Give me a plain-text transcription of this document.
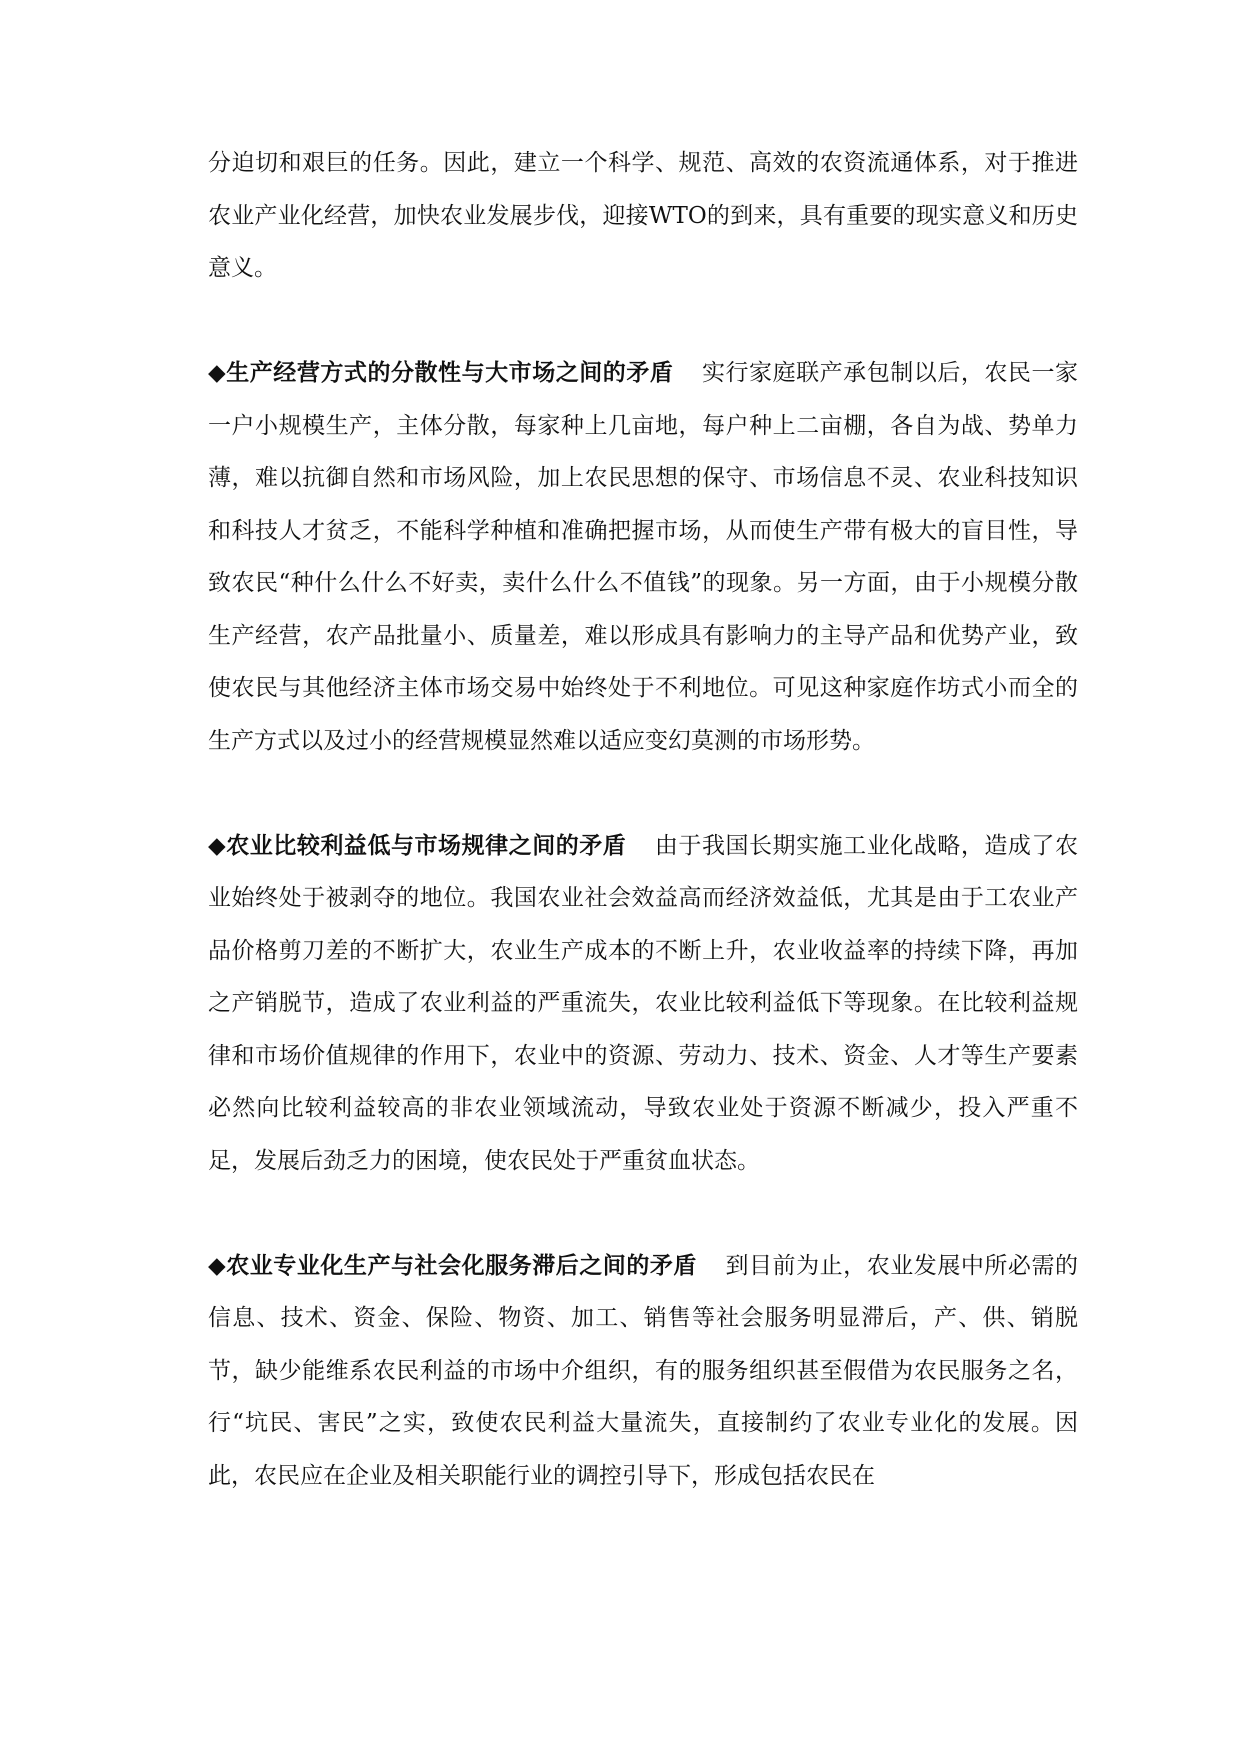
分迫切和艰巨的任务。因此，建立一个科学、规范、高效的农资流通体系，对于推进农业产业化经营，加快农业发展步伐，迎接WTO的到来，具有重要的现实意义和历史意义。

◆生产经营方式的分散性与大市场之间的矛盾 实行家庭联产承包制以后，农民一家一户小规模生产，主体分散，每家种上几亩地，每户种上二亩棚，各自为战、势单力薄，难以抗御自然和市场风险，加上农民思想的保守、市场信息不灵、农业科技知识和科技人才贫乏，不能科学种植和准确把握市场，从而使生产带有极大的盲目性，导致农民“种什么什么不好卖，卖什么什么不值钱”的现象。另一方面，由于小规模分散生产经营，农产品批量小、质量差，难以形成具有影响力的主导产品和优势产业，致使农民与其他经济主体市场交易中始终处于不利地位。可见这种家庭作坊式小而全的生产方式以及过小的经营规模显然难以适应变幻莫测的市场形势。

◆农业比较利益低与市场规律之间的矛盾 由于我国长期实施工业化战略，造成了农业始终处于被剥夺的地位。我国农业社会效益高而经济效益低，尤其是由于工农业产品价格剪刀差的不断扩大，农业生产成本的不断上升，农业收益率的持续下降，再加之产销脱节，造成了农业利益的严重流失，农业比较利益低下等现象。在比较利益规律和市场价值规律的作用下，农业中的资源、劳动力、技术、资金、人才等生产要素必然向比较利益较高的非农业领域流动，导致农业处于资源不断减少，投入严重不足，发展后劲乏力的困境，使农民处于严重贫血状态。

◆农业专业化生产与社会化服务滞后之间的矛盾 到目前为止，农业发展中所必需的信息、技术、资金、保险、物资、加工、销售等社会服务明显滞后，产、供、销脱节，缺少能维系农民利益的市场中介组织，有的服务组织甚至假借为农民服务之名，行“坑民、害民”之实，致使农民利益大量流失，直接制约了农业专业化的发展。因此，农民应在企业及相关职能行业的调控引导下，形成包括农民在
